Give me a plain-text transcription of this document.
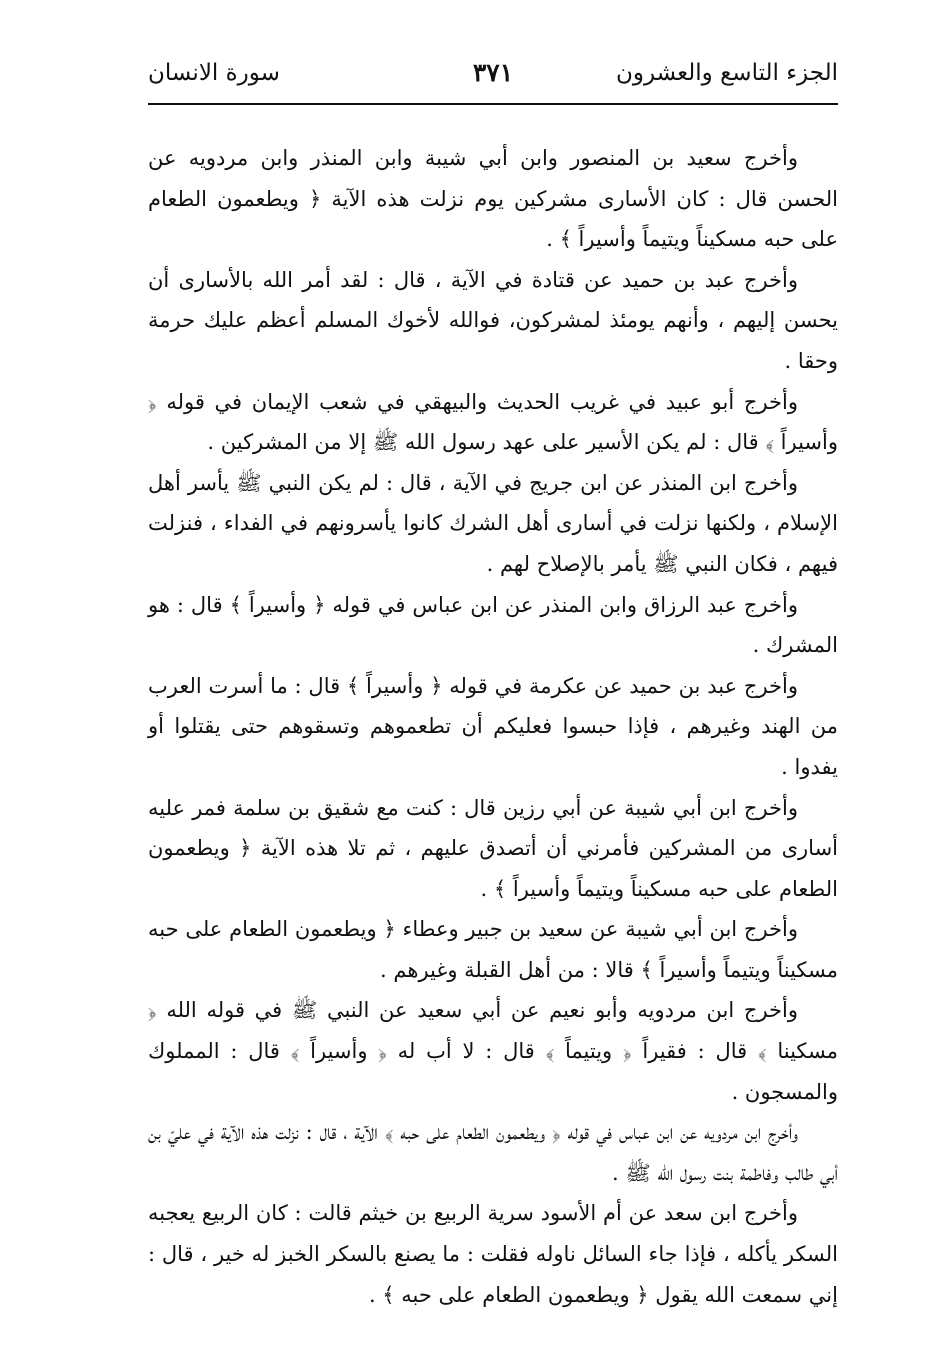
الجزء التاسع والعشرون
٣٧١
سورة الانسان

وأخرج سعيد بن المنصور وابن أبي شيبة وابن المنذر وابن مردويه عن الحسن قال : كان الأسارى مشركين يوم نزلت هذه الآية ﴿ ويطعمون الطعام على حبه مسكيناً ويتيماً وأسيراً ﴾ .

وأخرج عبد بن حميد عن قتادة في الآية ، قال : لقد أمر الله بالأسارى أن يحسن إليهم ، وأنهم يومئذ لمشركون، فوالله لأخوك المسلم أعظم عليك حرمة وحقا .

وأخرج أبو عبيد في غريب الحديث والبيهقي في شعب الإيمان في قوله ﴿ وأسيراً ﴾ قال : لم يكن الأسير على عهد رسول الله ﷺ إلا من المشركين .

وأخرج ابن المنذر عن ابن جريج في الآية ، قال : لم يكن النبي ﷺ يأسر أهل الإسلام ، ولكنها نزلت في أسارى أهل الشرك كانوا يأسرونهم في الفداء ، فنزلت فيهم ، فكان النبي ﷺ يأمر بالإصلاح لهم .

وأخرج عبد الرزاق وابن المنذر عن ابن عباس في قوله ﴿ وأسيراً ﴾ قال : هو المشرك .

وأخرج عبد بن حميد عن عكرمة في قوله ﴿ وأسيراً ﴾ قال : ما أسرت العرب من الهند وغيرهم ، فإذا حبسوا فعليكم أن تطعموهم وتسقوهم حتى يقتلوا أو يفدوا .

وأخرج ابن أبي شيبة عن أبي رزين قال : كنت مع شقيق بن سلمة فمر عليه أسارى من المشركين فأمرني أن أتصدق عليهم ، ثم تلا هذه الآية ﴿ ويطعمون الطعام على حبه مسكيناً ويتيماً وأسيراً ﴾ .

وأخرج ابن أبي شيبة عن سعيد بن جبير وعطاء ﴿ ويطعمون الطعام على حبه مسكيناً ويتيماً وأسيراً ﴾ قالا : من أهل القبلة وغيرهم .

وأخرج ابن مردويه وأبو نعيم عن أبي سعيد عن النبي ﷺ في قوله الله ﴿ مسكينا ﴾ قال : فقيراً ﴿ ويتيماً ﴾ قال : لا أب له ﴿ وأسيراً ﴾ قال : المملوك والمسجون .

وأخرج ابن مردويه عن ابن عباس في قوله ﴿ ويطعمون الطعام على حبه ﴾ الآية ، قال : نزلت هذه الآية في عليّ بن أبي طالب وفاطمة بنت رسول الله ﷺ .

وأخرج ابن سعد عن أم الأسود سرية الربيع بن خيثم قالت : كان الربيع يعجبه السكر يأكله ، فإذا جاء السائل ناوله فقلت : ما يصنع بالسكر الخبز له خير ، قال : إني سمعت الله يقول ﴿ ويطعمون الطعام على حبه ﴾ .
